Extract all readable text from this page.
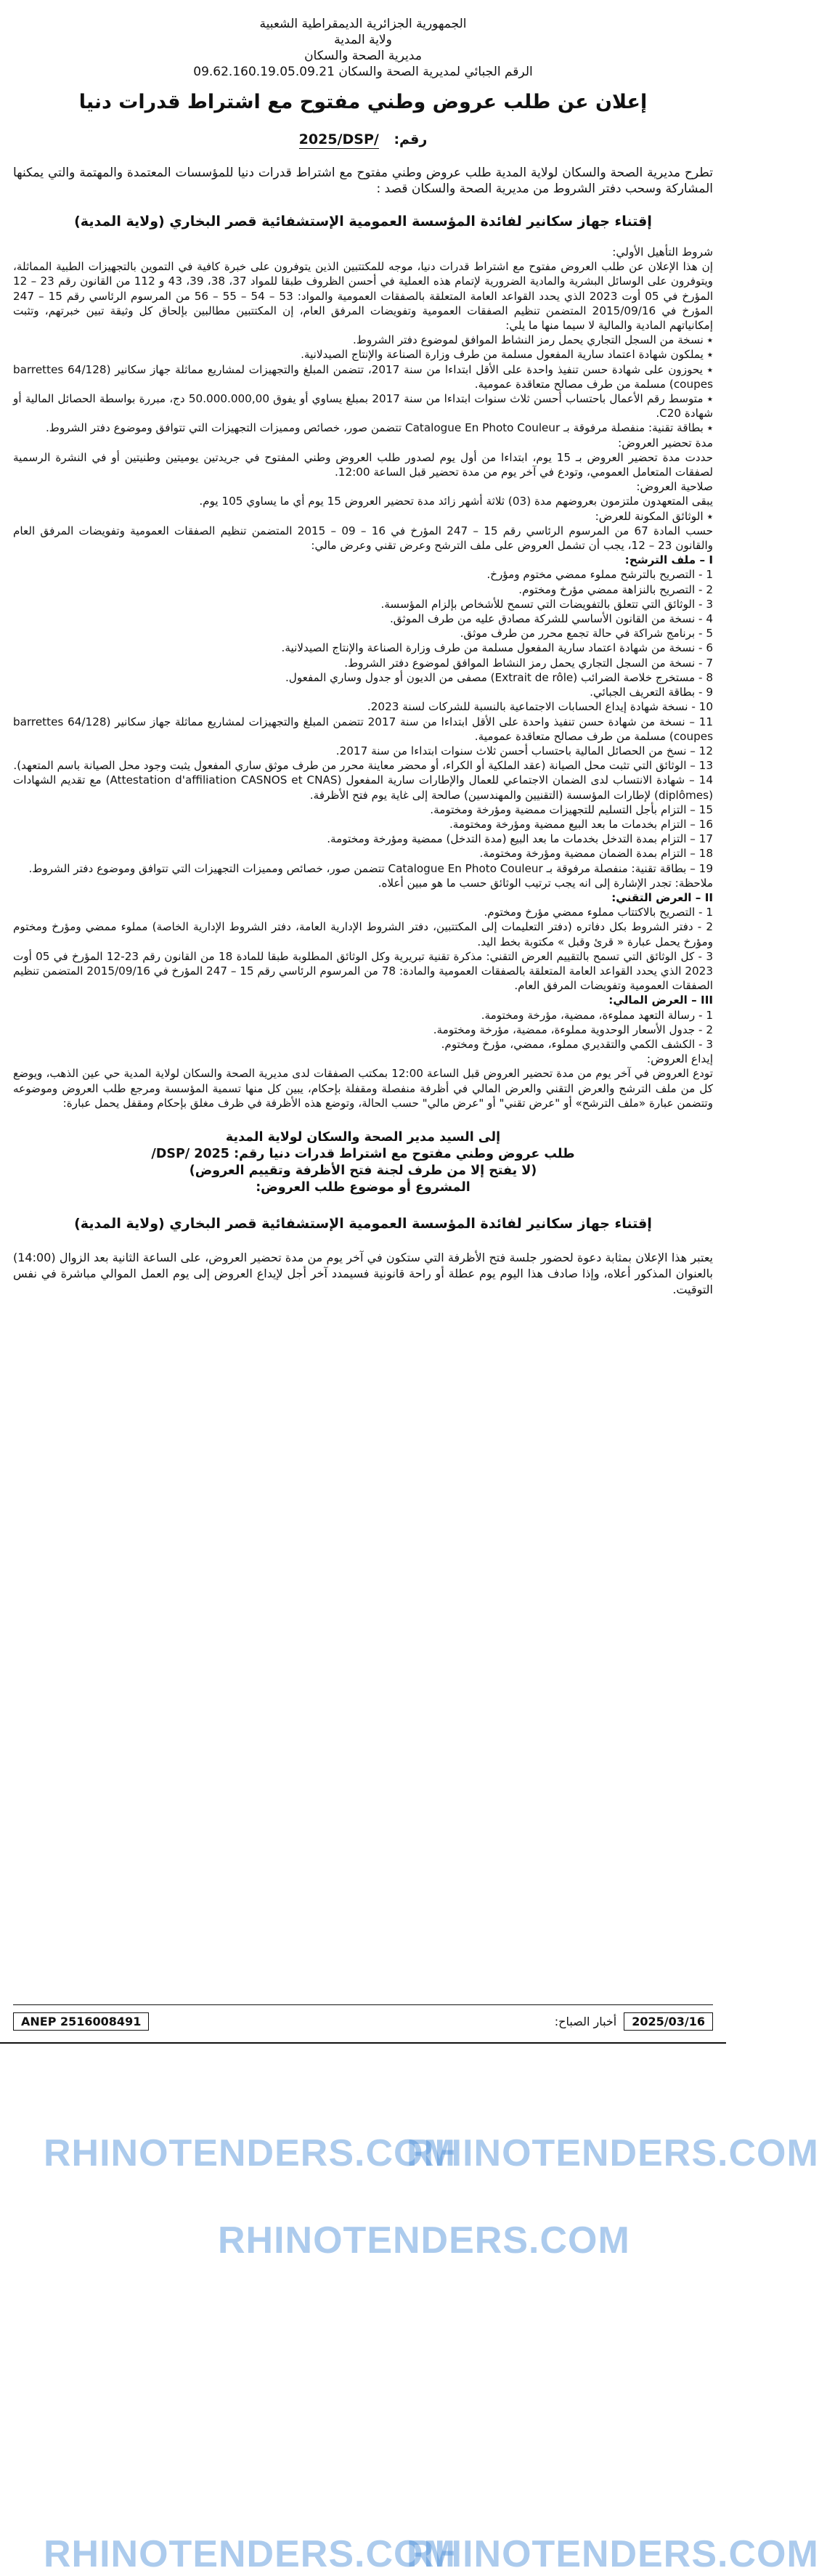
الجمهورية الجزائرية الديمقراطية الشعبية
ولاية المدية
مديرية الصحة والسكان
الرقم الجبائي لمديرية الصحة والسكان 09.62.160.19.05.09.21
إعلان عن طلب عروض وطني مفتوح مع اشتراط قدرات دنيا
رقم: 2025/DSP/
تطرح مديرية الصحة والسكان لولاية المدية طلب عروض وطني مفتوح مع اشتراط قدرات دنيا للمؤسسات المعتمدة والمهتمة والتي يمكنها المشاركة وسحب دفتر الشروط من مديرية الصحة والسكان قصد :
إقتناء جهاز سكانير لفائدة المؤسسة العمومية الإستشفائية قصر البخاري (ولاية المدية)

شروط التأهيل الأولي:

إن هذا الإعلان عن طلب العروض مفتوح مع اشتراط قدرات دنيا، موجه للمكتتبين الذين يتوفرون على خبرة كافية في التموين بالتجهيزات الطبية المماثلة، ويتوفرون على الوسائل البشرية والمادية الضرورية لإتمام هذه العملية في أحسن الظروف طبقا للمواد 37، 38، 39، 43 و 112 من القانون رقم 23 – 12 المؤرخ في 05 أوت 2023 الذي يحدد القواعد العامة المتعلقة بالصفقات العمومية والمواد: 53 – 54 – 55 – 56 من المرسوم الرئاسي رقم 15 – 247 المؤرخ في 2015/09/16 المتضمن تنظيم الصفقات العمومية وتفويضات المرفق العام، إن المكتتبين مطالبين بإلحاق كل وثيقة تبين خبرتهم، وتثبت إمكانياتهم المادية والمالية لا سيما منها ما يلي:

٭ نسخة من السجل التجاري يحمل رمز النشاط الموافق لموضوع دفتر الشروط.

٭ يملكون شهادة اعتماد سارية المفعول مسلمة من طرف وزارة الصناعة والإنتاج الصيدلانية.

٭ يحوزون على شهادة حسن تنفيذ واحدة على الأقل ابتداءا من سنة 2017، تتضمن المبلغ والتجهيزات لمشاريع مماثلة جهاز سكانير (barrettes 64/128 coupes) مسلمة من طرف مصالح متعاقدة عمومية.

٭ متوسط رقم الأعمال باحتساب أحسن ثلاث سنوات ابتداءا من سنة 2017 بمبلغ يساوي أو يفوق 50.000.000,00 دج، مبررة بواسطة الحصائل المالية أو شهادة C20.

٭ بطاقة تقنية: منفصلة مرفوقة بـ Catalogue En Photo Couleur تتضمن صور، خصائص ومميزات التجهيزات التي تتوافق وموضوع دفتر الشروط.

مدة تحضير العروض:

حددت مدة تحضير العروض بـ 15 يوم، ابتداءا من أول يوم لصدور طلب العروض وطني المفتوح في جريدتين يوميتين وطنيتين أو في النشرة الرسمية لصفقات المتعامل العمومي، وتودع في آخر يوم من مدة تحضير قبل الساعة 12:00.

صلاحية العروض:

يبقى المتعهدون ملتزمون بعروضهم مدة (03) ثلاثة أشهر زائد مدة تحضير العروض 15 يوم أي ما يساوي 105 يوم.

٭ الوثائق المكونة للعرض:

حسب المادة 67 من المرسوم الرئاسي رقم 15 – 247 المؤرخ في 16 – 09 – 2015 المتضمن تنظيم الصفقات العمومية وتفويضات المرفق العام والقانون 23 – 12، يجب أن تشمل العروض على ملف الترشح وعرض تقني وعرض مالي:

I – ملف الترشح:

1 - التصريح بالترشح مملوء ممضي مختوم ومؤرخ.

2 - التصريح بالنزاهة ممضي مؤرخ ومختوم.

3 - الوثائق التي تتعلق بالتفويضات التي تسمح للأشخاص بإلزام المؤسسة.

4 - نسخة من القانون الأساسي للشركة مصادق عليه من طرف الموثق.

5 - برنامج شراكة في حالة تجمع محرر من طرف موثق.

6 - نسخة من شهادة اعتماد سارية المفعول مسلمة من طرف وزارة الصناعة والإنتاج الصيدلانية.

7 - نسخة من السجل التجاري يحمل رمز النشاط الموافق لموضوع دفتر الشروط.

8 - مستخرج خلاصة الضرائب (Extrait de rôle) مصفى من الديون أو جدول وساري المفعول.

9 - بطاقة التعريف الجبائي.

10 - نسخة شهادة إيداع الحسابات الاجتماعية بالنسبة للشركات لسنة 2023.

11 – نسخة من شهادة حسن تنفيذ واحدة على الأقل ابتداءا من سنة 2017 تتضمن المبلغ والتجهيزات لمشاريع مماثلة جهاز سكانير (barrettes 64/128 coupes) مسلمة من طرف مصالح متعاقدة عمومية.

12 – نسخ من الحصائل المالية باحتساب أحسن ثلاث سنوات ابتداءا من سنة 2017.

13 – الوثائق التي تثبت محل الصيانة (عقد الملكية أو الكراء، أو محضر معاينة محرر من طرف موثق ساري المفعول يثبت وجود محل الصيانة باسم المتعهد).

14 – شهادة الانتساب لدى الضمان الاجتماعي للعمال والإطارات سارية المفعول (Attestation d'affiliation CASNOS et CNAS) مع تقديم الشهادات (diplômes) لإطارات المؤسسة (التقنيين والمهندسين) صالحة إلى غاية يوم فتح الأظرفة.

15 – التزام بأجل التسليم للتجهيزات ممضية ومؤرخة ومختومة.

16 – التزام بخدمات ما بعد البيع ممضية ومؤرخة ومختومة.

17 – التزام بمدة التدخل بخدمات ما بعد البيع (مدة التدخل) ممضية ومؤرخة ومختومة.

18 – التزام بمدة الضمان ممضية ومؤرخة ومختومة.

19 – بطاقة تقنية: منفصلة مرفوقة بـ Catalogue En Photo Couleur تتضمن صور، خصائص ومميزات التجهيزات التي تتوافق وموضوع دفتر الشروط.

ملاحظة: تجدر الإشارة إلى انه يجب ترتيب الوثائق حسب ما هو مبين أعلاه.

II – العرض التقني:

1 - التصريح بالاكتتاب مملوء ممضي مؤرخ ومختوم.

2 - دفتر الشروط بكل دفاتره (دفتر التعليمات إلى المكتتبين، دفتر الشروط الإدارية العامة، دفتر الشروط الإدارية الخاصة) مملوء ممضي ومؤرخ ومختوم ومؤرخ يحمل عبارة « قرئ وقبل » مكتوبة بخط اليد.

3 - كل الوثائق التي تسمح بالتقييم العرض التقني: مذكرة تقنية تبريرية وكل الوثائق المطلوبة طبقا للمادة 18 من القانون رقم 23-12 المؤرخ في 05 أوت 2023 الذي يحدد القواعد العامة المتعلقة بالصفقات العمومية والمادة: 78 من المرسوم الرئاسي رقم 15 – 247 المؤرخ في 2015/09/16 المتضمن تنظيم الصفقات العمومية وتفويضات المرفق العام.

III – العرض المالي:

1 - رسالة التعهد مملوءة، ممضية، مؤرخة ومختومة.

2 - جدول الأسعار الوحدوية مملوءة، ممضية، مؤرخة ومختومة.

3 - الكشف الكمي والتقديري مملوء، ممضي، مؤرخ ومختوم.

إيداع العروض:

تودع العروض في آخر يوم من مدة تحضير العروض قبل الساعة 12:00 بمكتب الصفقات لدى مديرية الصحة والسكان لولاية المدية حي عين الذهب، ويوضع كل من ملف الترشح والعرض التقني والعرض المالي في أظرفة منفصلة ومقفلة بإحكام، يبين كل منها تسمية المؤسسة ومرجع طلب العروض وموضوعه وتتضمن عبارة «ملف الترشح» أو "عرض تقني" أو "عرض مالي" حسب الحالة، وتوضع هذه الأظرفة في ظرف مغلق بإحكام ومقفل يحمل عبارة:

إلى السيد مدير الصحة والسكان لولاية المدية
طلب عروض وطني مفتوح مع اشتراط قدرات دنيا رقم: 2025 /DSP/
(لا يفتح إلا من طرف لجنة فتح الأظرفة وتقييم العروض)
المشروع أو موضوع طلب العروض:
إقتناء جهاز سكانير لفائدة المؤسسة العمومية الإستشفائية قصر البخاري (ولاية المدية)
يعتبر هذا الإعلان بمثابة دعوة لحضور جلسة فتح الأظرفة التي ستكون في آخر يوم من مدة تحضير العروض، على الساعة الثانية بعد الزوال (14:00) بالعنوان المذكور أعلاه، وإذا صادف هذا اليوم يوم عطلة أو راحة قانونية فسيمدد آخر أجل لإيداع العروض إلى يوم العمل الموالي مباشرة في نفس التوقيت.
RHINOTENDERS.COM
RHINOTENDERS.COM
RHINOTENDERS.COM
RHINOTENDERS.COM
RHINOTENDERS.COM
ANEP 2516008491	2025/03/16
أخبار الصباح:
